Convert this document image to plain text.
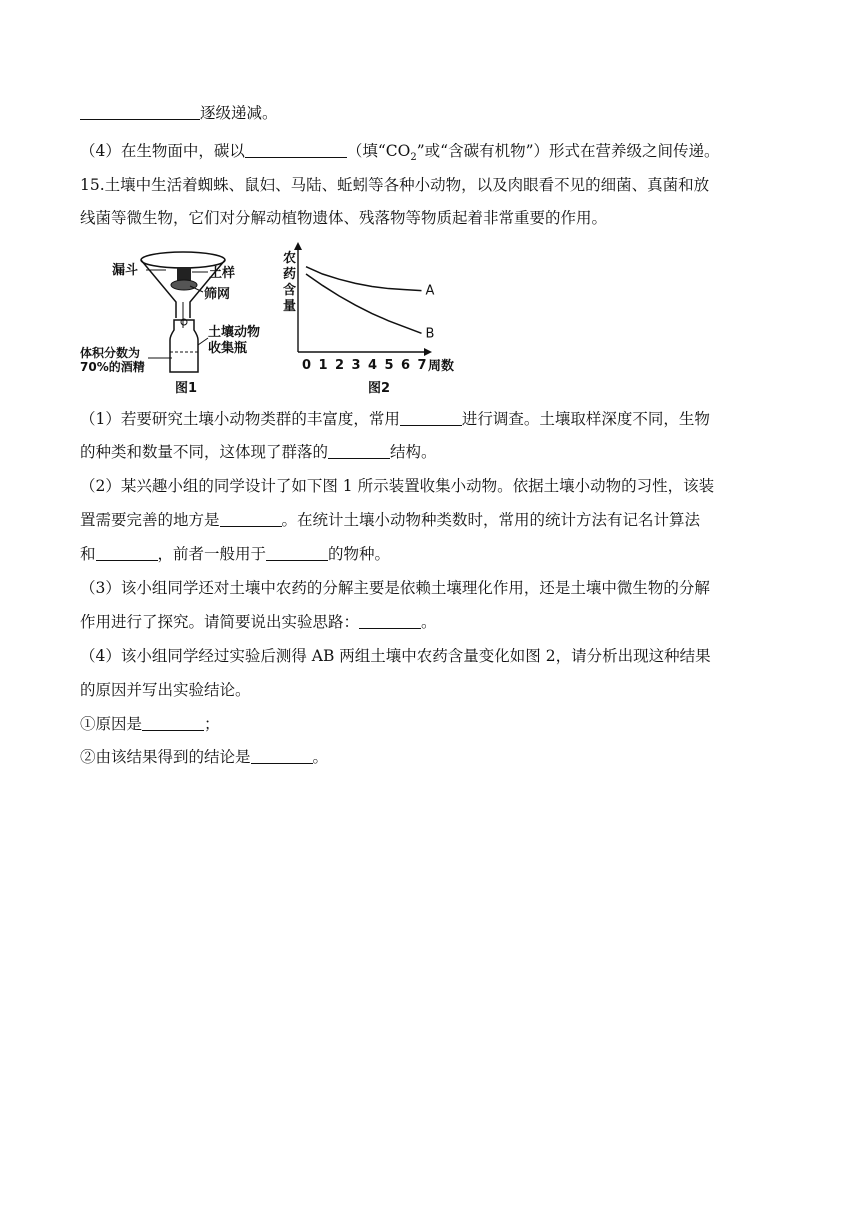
逐级递减。
（4）在生物面中，碳以	（填“$CO_2$”或“含碳有机物”）形式在营养级之间传递。
15.土壤中生活着蜘蛛、鼠妇、马陆、蚯蚓等各种小动物，以及肉眼看不见的细菌、真菌和放
线菌等微生物，它们对分解动植物遗体、残落物等物质起着非常重要的作用。
漏斗	土样
筛网
土壤动物
收集瓶
体积分数为
70%的酒精
图1
农
药
含
量
周数
图2
0 1 2 3 4 5 6 7
A
B
（1）若要研究土壤小动物类群的丰富度，常用	进行调查。土壤取样深度不同，生物
的种类和数量不同，这体现了群落的	结构。
（2）某兴趣小组的同学设计了如下图 1 所示装置收集小动物。依据土壤小动物的习性，该装
置需要完善的地方是	。在统计土壤小动物种类数时，常用的统计方法有记名计算法
和	，前者一般用于	的物种。
（3）该小组同学还对土壤中农药的分解主要是依赖土壤理化作用，还是土壤中微生物的分解
作用进行了探究。请简要说出实验思路：	。
（4）该小组同学经过实验后测得 AB 两组土壤中农药含量变化如图 2，请分析出现这种结果
的原因并写出实验结论。
①原因是	；
②由该结果得到的结论是	。
